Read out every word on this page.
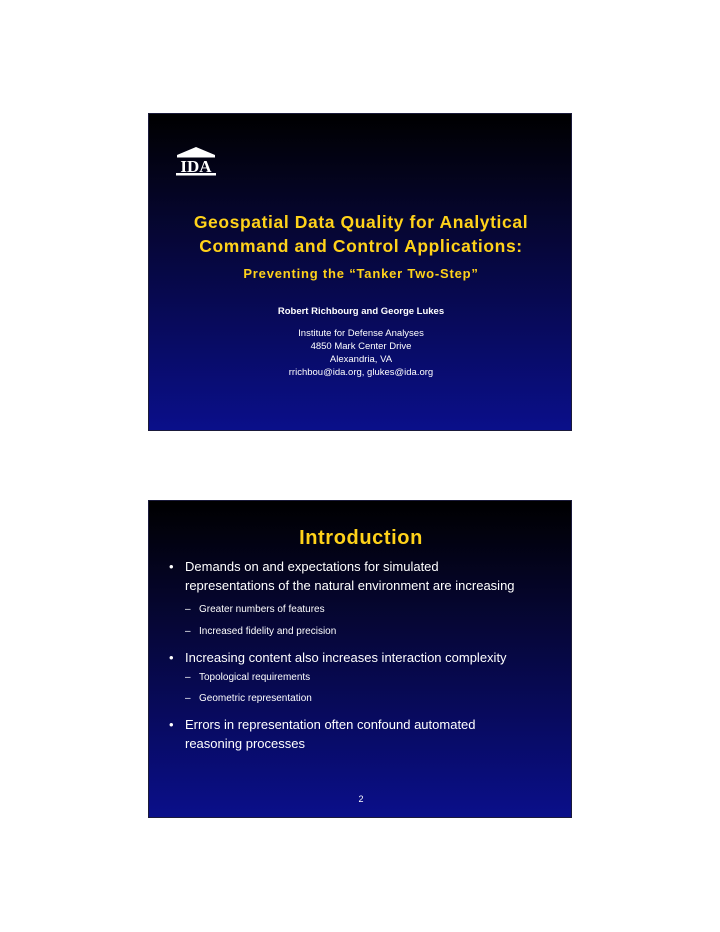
IDA
Geospatial Data Quality for Analytical
Command and Control Applications:
Preventing the “Tanker Two-Step”
Robert Richbourg and George Lukes
Institute for Defense Analyses
4850 Mark Center Drive
Alexandria, VA
rrichbou@ida.org, glukes@ida.org
Introduction
• Demands on and expectations for simulated
representations of the natural environment are increasing
– Greater numbers of features
– Increased fidelity and precision
• Increasing content also increases interaction complexity
– Topological requirements
– Geometric representation
• Errors in representation often confound automated
reasoning processes
2
